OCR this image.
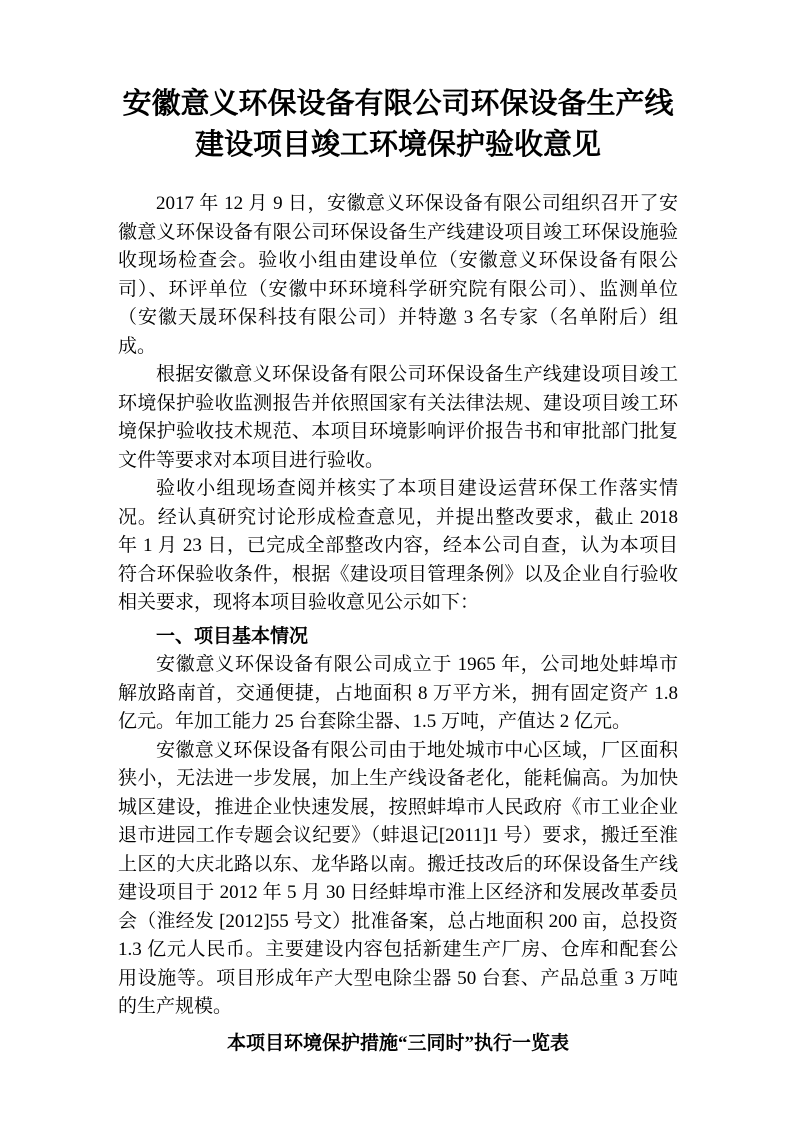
安徽意义环保设备有限公司环保设备生产线
建设项目竣工环境保护验收意见

2017 年 12 月 9 日，安徽意义环保设备有限公司组织召开了安徽意义环保设备有限公司环保设备生产线建设项目竣工环保设施验收现场检查会。验收小组由建设单位（安徽意义环保设备有限公司）、环评单位（安徽中环环境科学研究院有限公司）、监测单位（安徽天晟环保科技有限公司）并特邀 3 名专家（名单附后）组成。

根据安徽意义环保设备有限公司环保设备生产线建设项目竣工环境保护验收监测报告并依照国家有关法律法规、建设项目竣工环境保护验收技术规范、本项目环境影响评价报告书和审批部门批复文件等要求对本项目进行验收。

验收小组现场查阅并核实了本项目建设运营环保工作落实情况。经认真研究讨论形成检查意见，并提出整改要求，截止 2018 年 1 月 23 日，已完成全部整改内容，经本公司自查，认为本项目符合环保验收条件，根据《建设项目管理条例》以及企业自行验收相关要求，现将本项目验收意见公示如下：

一、项目基本情况

安徽意义环保设备有限公司成立于 1965 年，公司地处蚌埠市解放路南首，交通便捷，占地面积 8 万平方米，拥有固定资产 1.8 亿元。年加工能力 25 台套除尘器、1.5 万吨，产值达 2 亿元。

安徽意义环保设备有限公司由于地处城市中心区域，厂区面积狭小，无法进一步发展，加上生产线设备老化，能耗偏高。为加快城区建设，推进企业快速发展，按照蚌埠市人民政府《市工业企业退市进园工作专题会议纪要》（蚌退记[2011]1 号）要求，搬迁至淮上区的大庆北路以东、龙华路以南。搬迁技改后的环保设备生产线建设项目于 2012 年 5 月 30 日经蚌埠市淮上区经济和发展改革委员会（淮经发 [2012]55 号文）批准备案，总占地面积 200 亩，总投资 1.3 亿元人民币。主要建设内容包括新建生产厂房、仓库和配套公用设施等。项目形成年产大型电除尘器 50 台套、产品总重 3 万吨的生产规模。

本项目环境保护措施“三同时”执行一览表
